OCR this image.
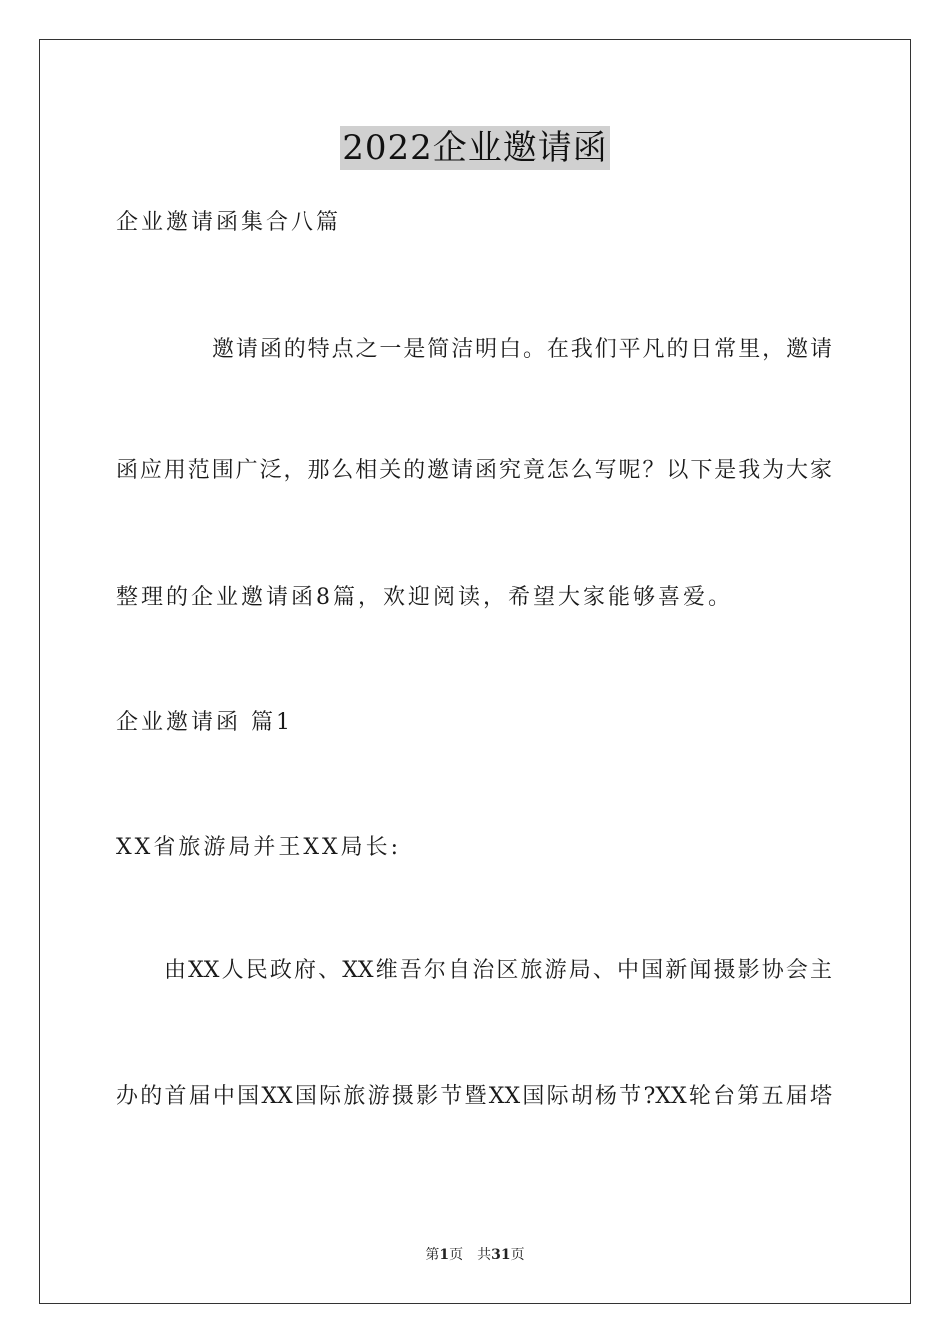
2022企业邀请函
企业邀请函集合八篇
邀请函的特点之一是简洁明白。在我们平凡的日常里，邀请
函应用范围广泛，那么相关的邀请函究竟怎么写呢？以下是我为大家
整理的企业邀请函8篇，欢迎阅读，希望大家能够喜爱。
企业邀请函 篇1
XX省旅游局并王XX局长:
由XX人民政府、XX维吾尔自治区旅游局、中国新闻摄影协会主
办的首届中国XX国际旅游摄影节暨XX国际胡杨节?XX轮台第五届塔
第1页 共31页
